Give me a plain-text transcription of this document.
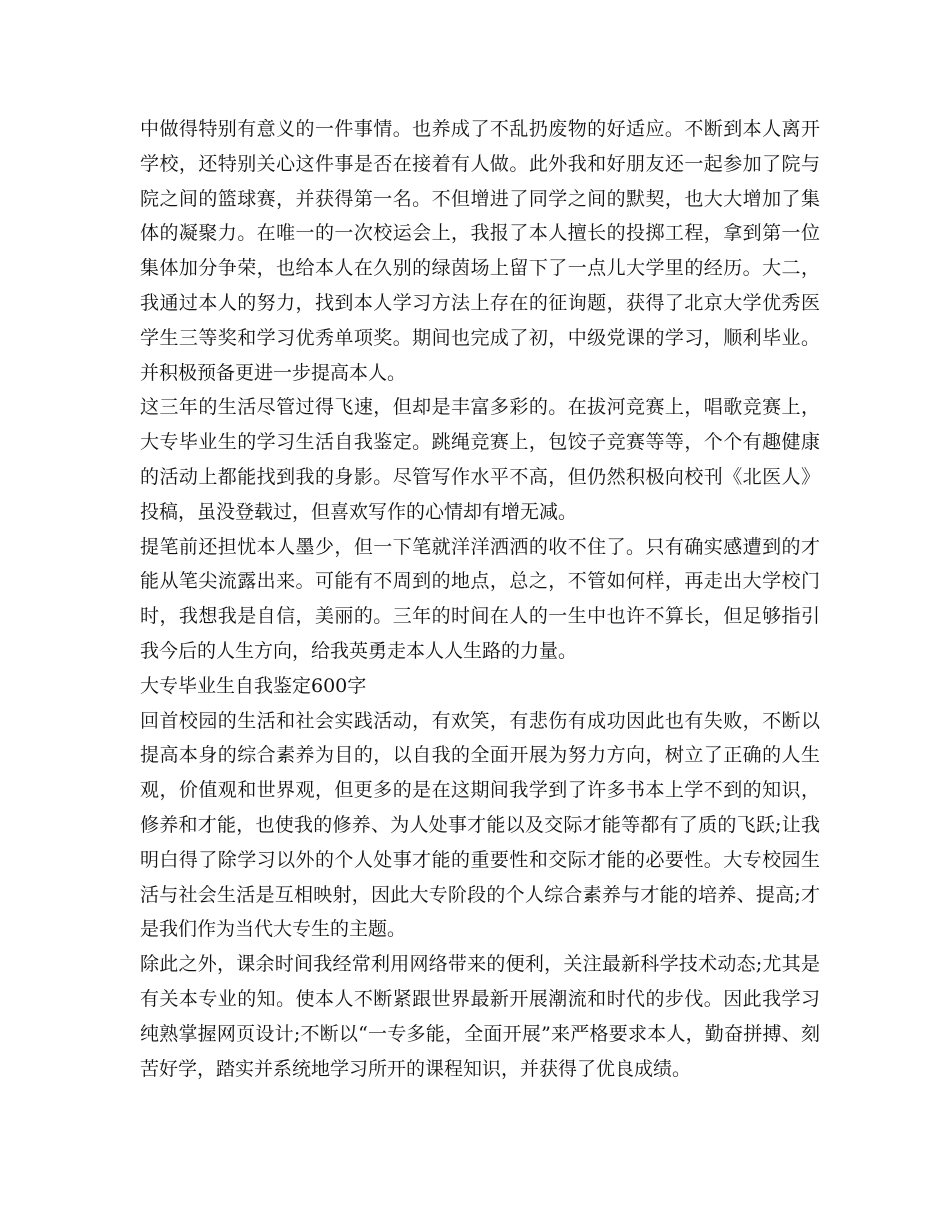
中做得特别有意义的一件事情。也养成了不乱扔废物的好适应。不断到本人离开学校，还特别关心这件事是否在接着有人做。此外我和好朋友还一起参加了院与院之间的篮球赛，并获得第一名。不但增进了同学之间的默契，也大大增加了集体的凝聚力。在唯一的一次校运会上，我报了本人擅长的投掷工程，拿到第一位集体加分争荣，也给本人在久别的绿茵场上留下了一点儿大学里的经历。大二，我通过本人的努力，找到本人学习方法上存在的征询题，获得了北京大学优秀医学生三等奖和学习优秀单项奖。期间也完成了初，中级党课的学习，顺利毕业。并积极预备更进一步提高本人。

这三年的生活尽管过得飞速，但却是丰富多彩的。在拔河竞赛上，唱歌竞赛上，大专毕业生的学习生活自我鉴定。跳绳竞赛上，包饺子竞赛等等，个个有趣健康的活动上都能找到我的身影。尽管写作水平不高，但仍然积极向校刊《北医人》投稿，虽没登载过，但喜欢写作的心情却有增无减。

提笔前还担忧本人墨少，但一下笔就洋洋洒洒的收不住了。只有确实感遭到的才能从笔尖流露出来。可能有不周到的地点，总之，不管如何样，再走出大学校门时，我想我是自信，美丽的。三年的时间在人的一生中也许不算长，但足够指引我今后的人生方向，给我英勇走本人人生路的力量。

大专毕业生自我鉴定600字

回首校园的生活和社会实践活动，有欢笑，有悲伤有成功因此也有失败，不断以提高本身的综合素养为目的，以自我的全面开展为努力方向，树立了正确的人生观，价值观和世界观，但更多的是在这期间我学到了许多书本上学不到的知识，修养和才能，也使我的修养、为人处事才能以及交际才能等都有了质的飞跃;让我明白得了除学习以外的个人处事才能的重要性和交际才能的必要性。大专校园生活与社会生活是互相映射，因此大专阶段的个人综合素养与才能的培养、提高;才是我们作为当代大专生的主题。

除此之外，课余时间我经常利用网络带来的便利，关注最新科学技术动态;尤其是有关本专业的知。使本人不断紧跟世界最新开展潮流和时代的步伐。因此我学习纯熟掌握网页设计;不断以“一专多能，全面开展”来严格要求本人，勤奋拼搏、刻苦好学，踏实并系统地学习所开的课程知识，并获得了优良成绩。
